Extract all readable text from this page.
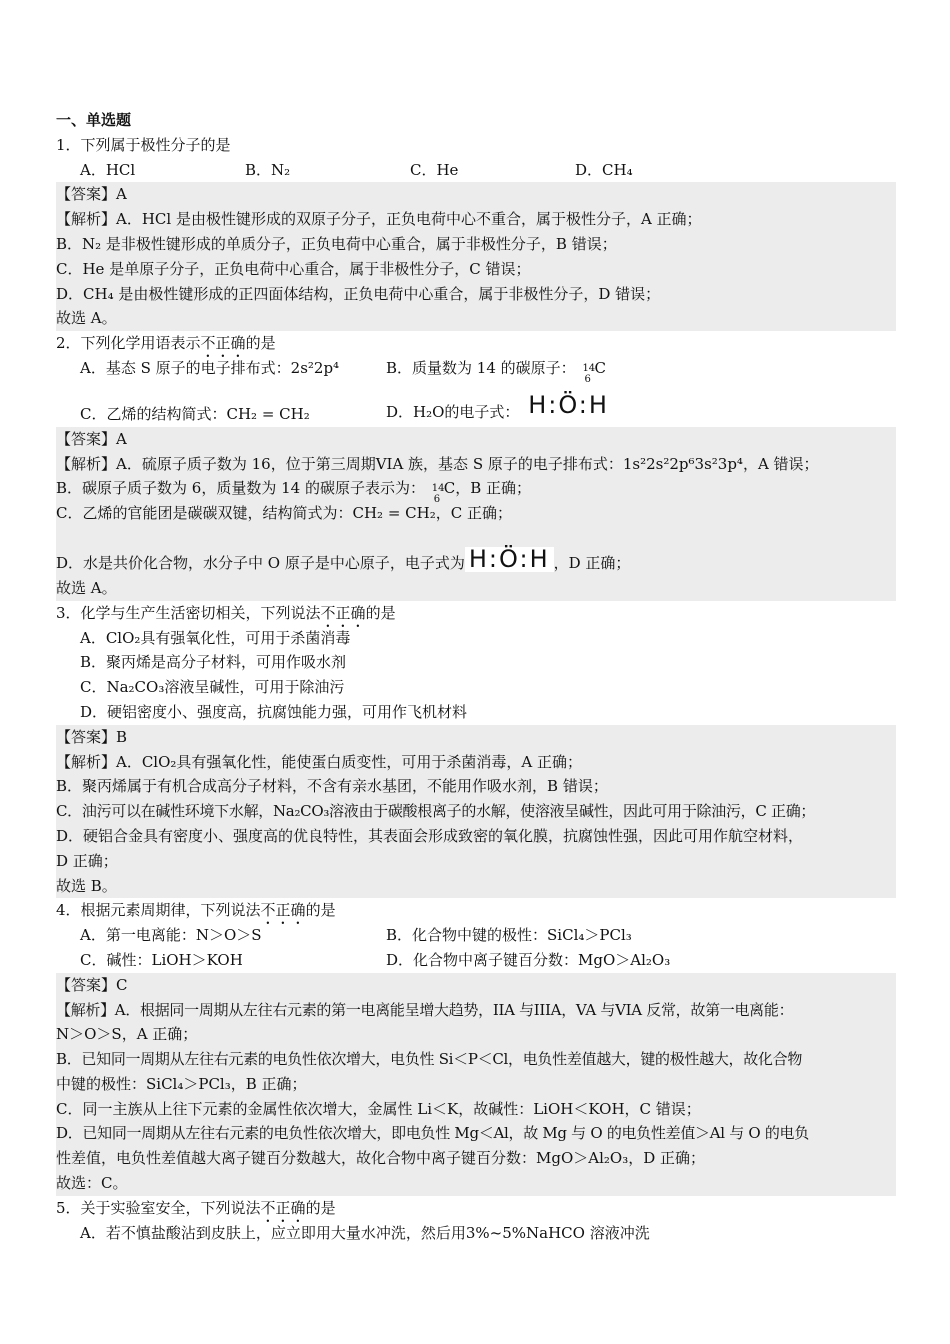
一、单选题
1．下列属于极性分子的是
A．HCl	B．N₂	C．He	D．CH₄
【答案】A
【解析】A．HCl 是由极性键形成的双原子分子，正负电荷中心不重合，属于极性分子，A 正确；
B．N₂ 是非极性键形成的单质分子，正负电荷中心重合，属于非极性分子，B 错误；
C．He 是单原子分子，正负电荷中心重合，属于非极性分子，C 错误；
D．CH₄ 是由极性键形成的正四面体结构，正负电荷中心重合，属于非极性分子，D 错误；
故选 A。
2．下列化学用语表示不正确的是
A．基态 S 原子的电子排布式：2s²2p⁴	B．质量数为 14 的碳原子： 14
6
C
C．乙烯的结构简式：CH₂ = CH₂	D．H₂O的电子式： H:Ö:H
【答案】A
【解析】A．硫原子质子数为 16，位于第三周期VIA 族，基态 S 原子的电子排布式：1s²2s²2p⁶3s²3p⁴，A 错误；
B．碳原子质子数为 6，质量数为 14 的碳原子表示为： 14
6
C，B 正确；
C．乙烯的官能团是碳碳双键，结构简式为：CH₂ = CH₂，C 正确；
D．水是共价化合物，水分子中 O 原子是中心原子，电子式为 H:Ö:H ，D 正确；
故选 A。
3．化学与生产生活密切相关，下列说法不正确的是
A．ClO₂具有强氧化性，可用于杀菌消毒
B．聚丙烯是高分子材料，可用作吸水剂
C．Na₂CO₃溶液呈碱性，可用于除油污
D．硬铝密度小、强度高，抗腐蚀能力强，可用作飞机材料
【答案】B
【解析】A．ClO₂具有强氧化性，能使蛋白质变性，可用于杀菌消毒，A 正确；
B．聚丙烯属于有机合成高分子材料，不含有亲水基团，不能用作吸水剂，B 错误；
C．油污可以在碱性环境下水解，Na₂CO₃溶液由于碳酸根离子的水解，使溶液呈碱性，因此可用于除油污，C 正确；
D．硬铝合金具有密度小、强度高的优良特性，其表面会形成致密的氧化膜，抗腐蚀性强，因此可用作航空材料，
D 正确；
故选 B。
4．根据元素周期律，下列说法不正确的是
A．第一电离能：N＞O＞S	B．化合物中键的极性：SiCl₄＞PCl₃
C．碱性：LiOH＞KOH	D．化合物中离子键百分数：MgO＞Al₂O₃
【答案】C
【解析】A．根据同一周期从左往右元素的第一电离能呈增大趋势，IIA 与IIIA，VA 与VIA 反常，故第一电离能：
N＞O＞S，A 正确；
B．已知同一周期从左往右元素的电负性依次增大，电负性 Si＜P＜Cl，电负性差值越大，键的极性越大，故化合物
中键的极性：SiCl₄＞PCl₃，B 正确；
C．同一主族从上往下元素的金属性依次增大，金属性 Li＜K，故碱性：LiOH＜KOH，C 错误；
D．已知同一周期从左往右元素的电负性依次增大，即电负性 Mg＜Al，故 Mg 与 O 的电负性差值＞Al 与 O 的电负
性差值，电负性差值越大离子键百分数越大，故化合物中离子键百分数：MgO＞Al₂O₃，D 正确；
故选：C。
5．关于实验室安全，下列说法不正确的是
A．若不慎盐酸沾到皮肤上，应立即用大量水冲洗，然后用3%~5%NaHCO 溶液冲洗
